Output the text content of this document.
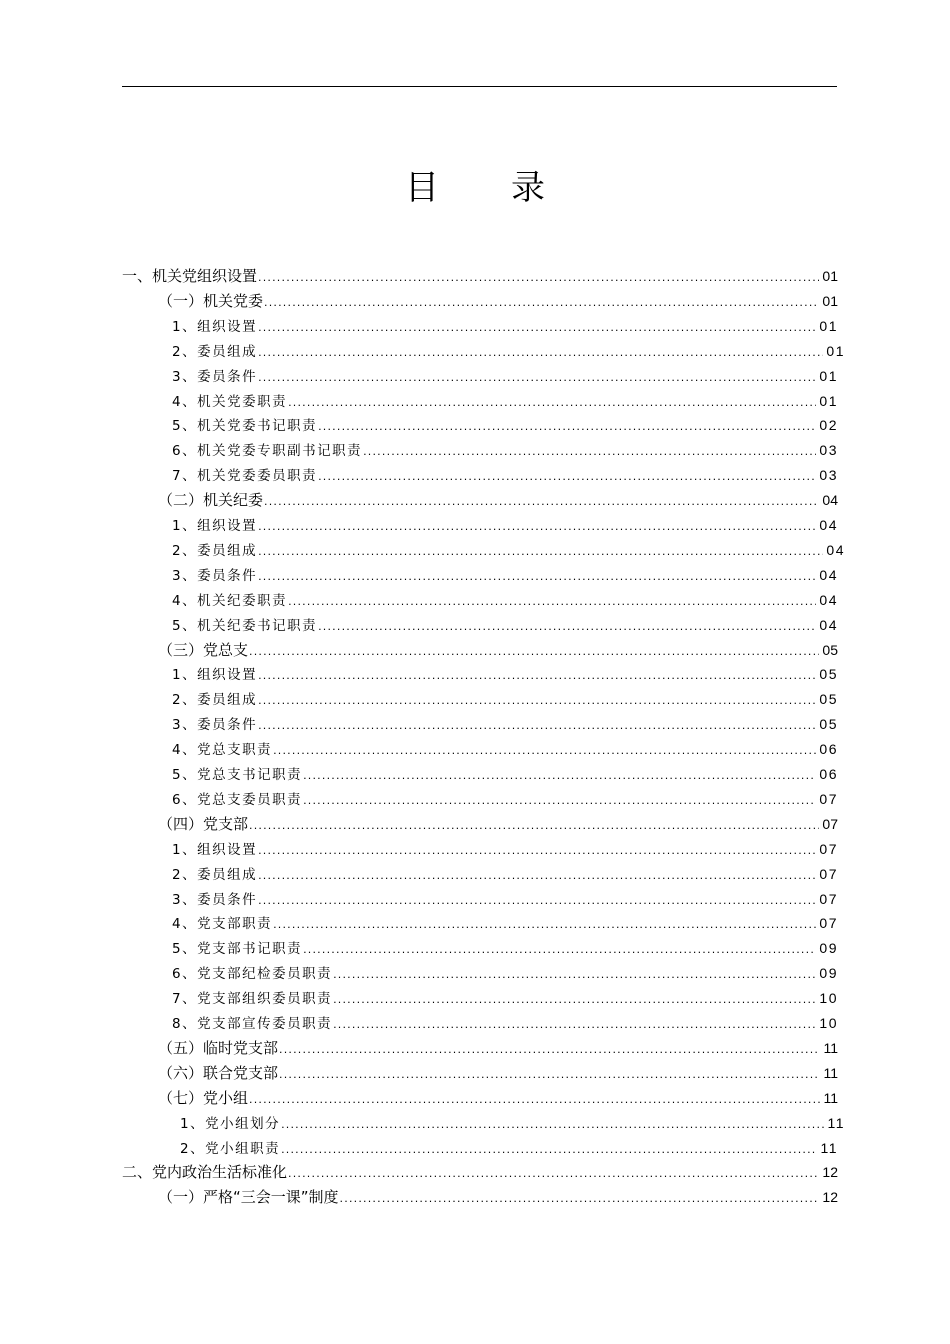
目 录
一、机关党组织设置 .....	01
（一）机关党委 .....	01
1、组织设置 .....	01
2、委员组成 .....	01
3、委员条件 .....	01
4、机关党委职责 .....	01
5、机关党委书记职责 .....	02
6、机关党委专职副书记职责 .....	03
7、机关党委委员职责 .....	03
（二）机关纪委 .....	04
1、组织设置 .....	04
2、委员组成 .....	04
3、委员条件 .....	04
4、机关纪委职责 .....	04
5、机关纪委书记职责 .....	04
（三）党总支 .....	05
1、组织设置 .....	05
2、委员组成 .....	05
3、委员条件 .....	05
4、党总支职责 .....	06
5、党总支书记职责 .....	06
6、党总支委员职责 .....	07
（四）党支部 .....	07
1、组织设置 .....	07
2、委员组成 .....	07
3、委员条件 .....	07
4、党支部职责 .....	07
5、党支部书记职责 .....	09
6、党支部纪检委员职责 .....	09
7、党支部组织委员职责 .....	10
8、党支部宣传委员职责 .....	10
（五）临时党支部 .....	11
（六）联合党支部 .....	11
（七）党小组 .....	11
1、党小组划分 .....	11
2、党小组职责 .....	11
二、党内政治生活标准化 .....	12
（一）严格“三会一课”制度 .....	12
